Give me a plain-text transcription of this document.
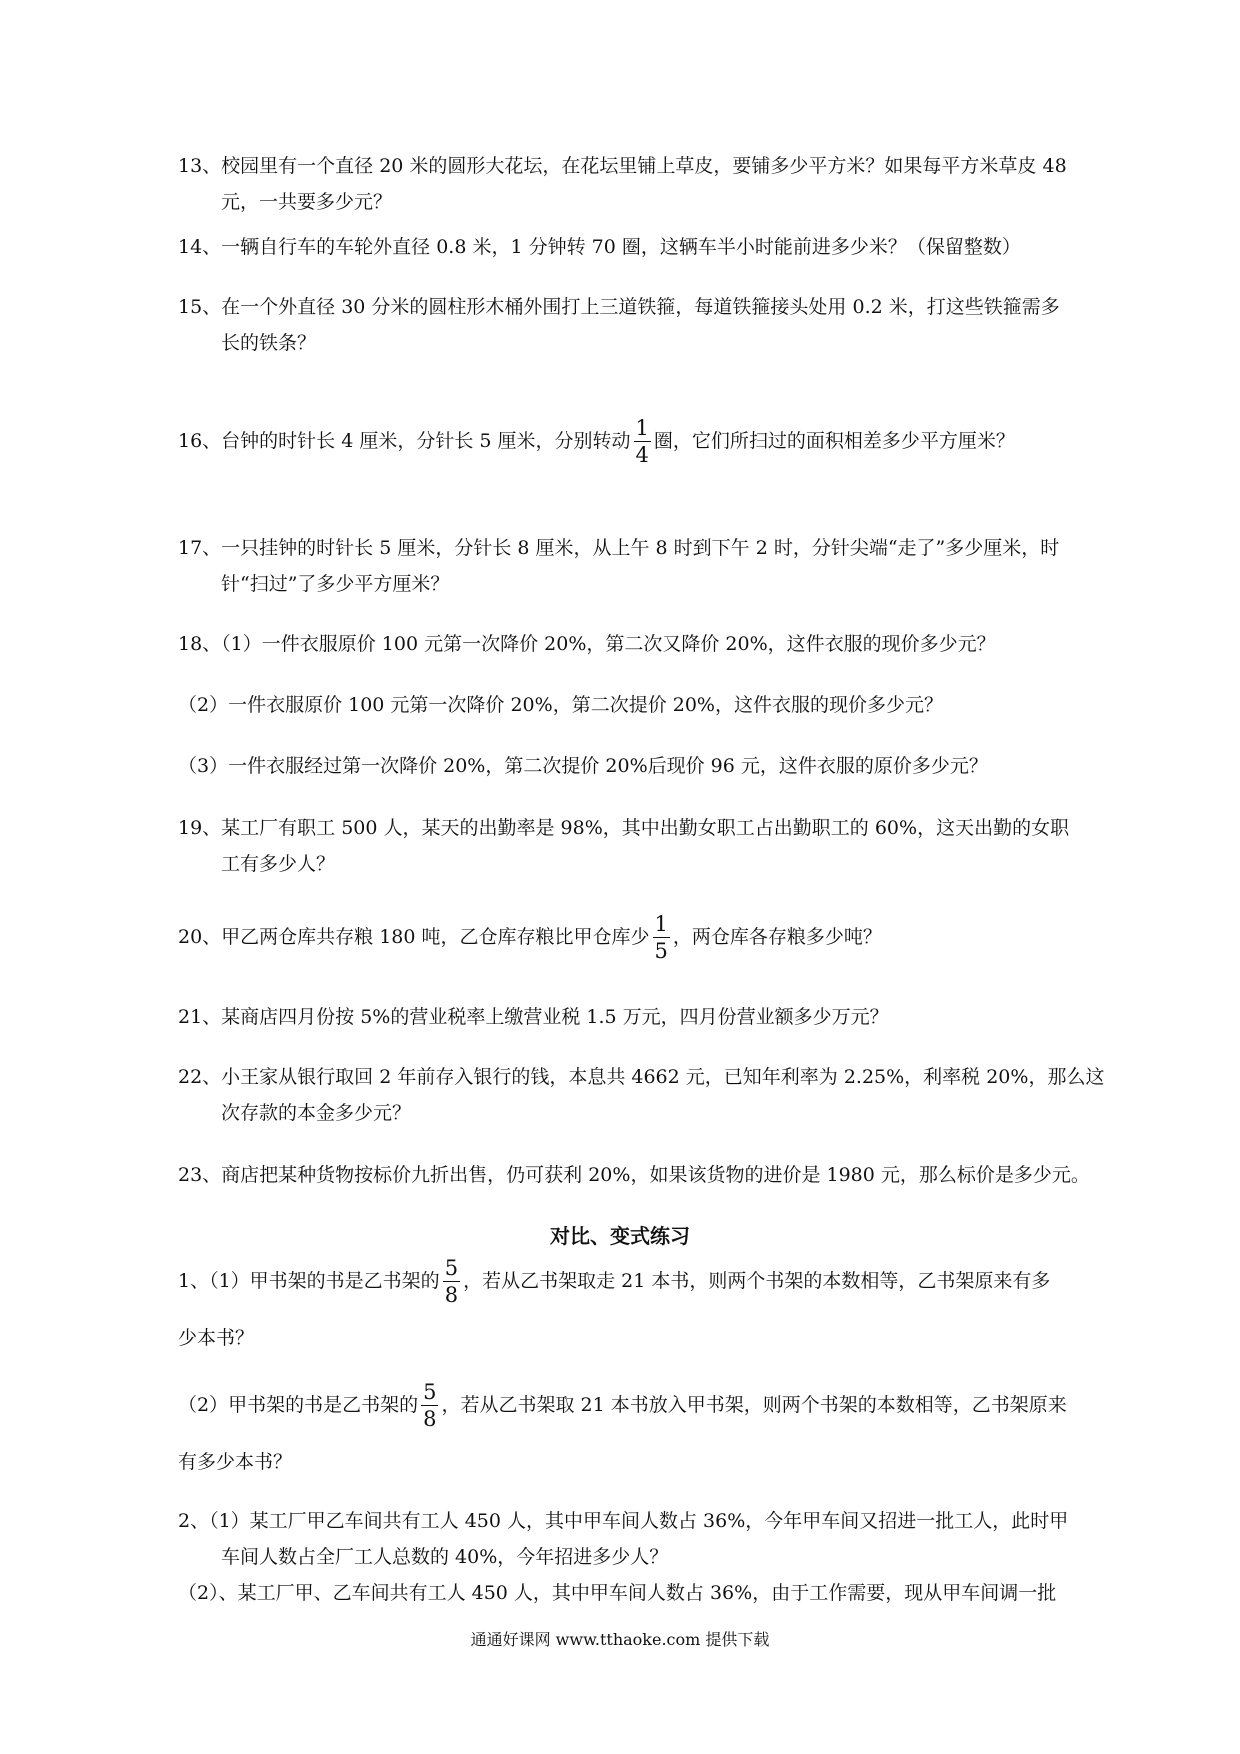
13、校园里有一个直径 20 米的圆形大花坛，在花坛里铺上草皮，要铺多少平方米？如果每平方米草皮 48
元，一共要多少元？
14、一辆自行车的车轮外直径 0.8 米，1 分钟转 70 圈，这辆车半小时能前进多少米？（保留整数）
15、在一个外直径 30 分米的圆柱形木桶外围打上三道铁箍，每道铁箍接头处用 0.2 米，打这些铁箍需多
长的铁条？
16、台钟的时针长 4 厘米，分针长 5 厘米，分别转动 $\frac{1}{4}$ 圈，它们所扫过的面积相差多少平方厘米？
17、一只挂钟的时针长 5 厘米，分针长 8 厘米，从上午 8 时到下午 2 时，分针尖端“走了”多少厘米，时
针“扫过”了多少平方厘米？
18、（1）一件衣服原价 100 元第一次降价 20%，第二次又降价 20%，这件衣服的现价多少元？
（2）一件衣服原价 100 元第一次降价 20%，第二次提价 20%，这件衣服的现价多少元？
（3）一件衣服经过第一次降价 20%，第二次提价 20%后现价 96 元，这件衣服的原价多少元？
19、某工厂有职工 500 人，某天的出勤率是 98%，其中出勤女职工占出勤职工的 60%，这天出勤的女职
工有多少人？
20、甲乙两仓库共存粮 180 吨，乙仓库存粮比甲仓库少 $\frac{1}{5}$ ，两仓库各存粮多少吨？
21、某商店四月份按 5%的营业税率上缴营业税 1.5 万元，四月份营业额多少万元？
22、小王家从银行取回 2 年前存入银行的钱，本息共 4662 元，已知年利率为 2.25%，利率税 20%，那么这
次存款的本金多少元？
23、商店把某种货物按标价九折出售，仍可获利 20%，如果该货物的进价是 1980 元，那么标价是多少元。
对比、变式练习
1、（1）甲书架的书是乙书架的 $\frac{5}{8}$ ，若从乙书架取走 21 本书，则两个书架的本数相等，乙书架原来有多
少本书？
（2）甲书架的书是乙书架的 $\frac{5}{8}$ ，若从乙书架取 21 本书放入甲书架，则两个书架的本数相等，乙书架原来
有多少本书？
2、（1）某工厂甲乙车间共有工人 450 人，其中甲车间人数占 36%，今年甲车间又招进一批工人，此时甲
车间人数占全厂工人总数的 40%，今年招进多少人？
（2）、某工厂甲、乙车间共有工人 450 人，其中甲车间人数占 36%，由于工作需要，现从甲车间调一批
通通好课网 www.tthaoke.com 提供下载
